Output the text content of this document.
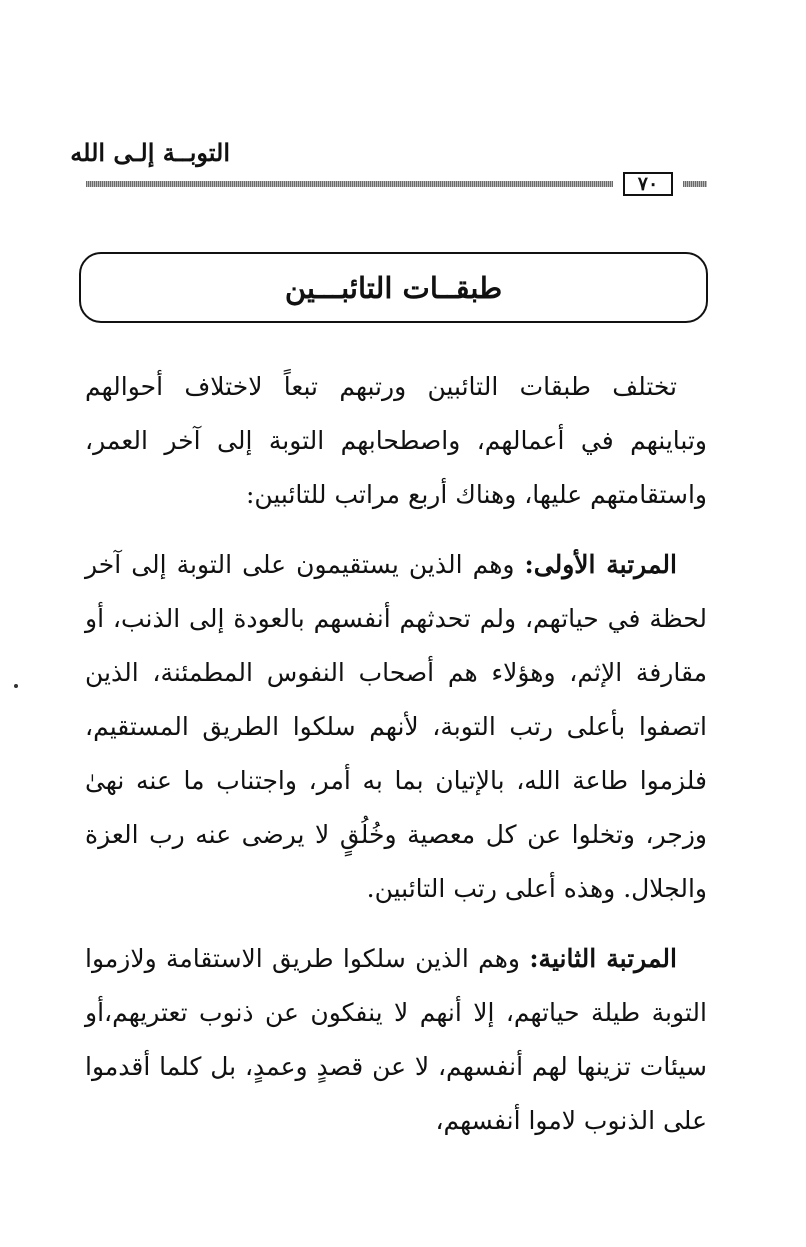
التوبــة إلـى الله
٧٠
طبقــات التائبـــين

تختلف طبقات التائبين ورتبهم تبعاً لاختلاف أحوالهم وتباينهم في أعمالهم، واصطحابهم التوبة إلى آخر العمر، واستقامتهم عليها، وهناك أربع مراتب للتائبين:

المرتبة الأولى: وهم الذين يستقيمون على التوبة إلى آخر لحظة في حياتهم، ولم تحدثهم أنفسهم بالعودة إلى الذنب، أو مقارفة الإثم، وهؤلاء هم أصحاب النفوس المطمئنة، الذين اتصفوا بأعلى رتب التوبة، لأنهم سلكوا الطريق المستقيم، فلزموا طاعة الله، بالإتيان بما به أمر، واجتناب ما عنه نهىٰ وزجر، وتخلوا عن كل معصية وخُلُقٍ لا يرضى عنه رب العزة والجلال. وهذه أعلى رتب التائبين.

المرتبة الثانية: وهم الذين سلكوا طريق الاستقامة ولازموا التوبة طيلة حياتهم، إلا أنهم لا ينفكون عن ذنوب تعتريهم،أو سيئات تزينها لهم أنفسهم، لا عن قصدٍ وعمدٍ، بل كلما أقدموا على الذنوب لاموا أنفسهم،
